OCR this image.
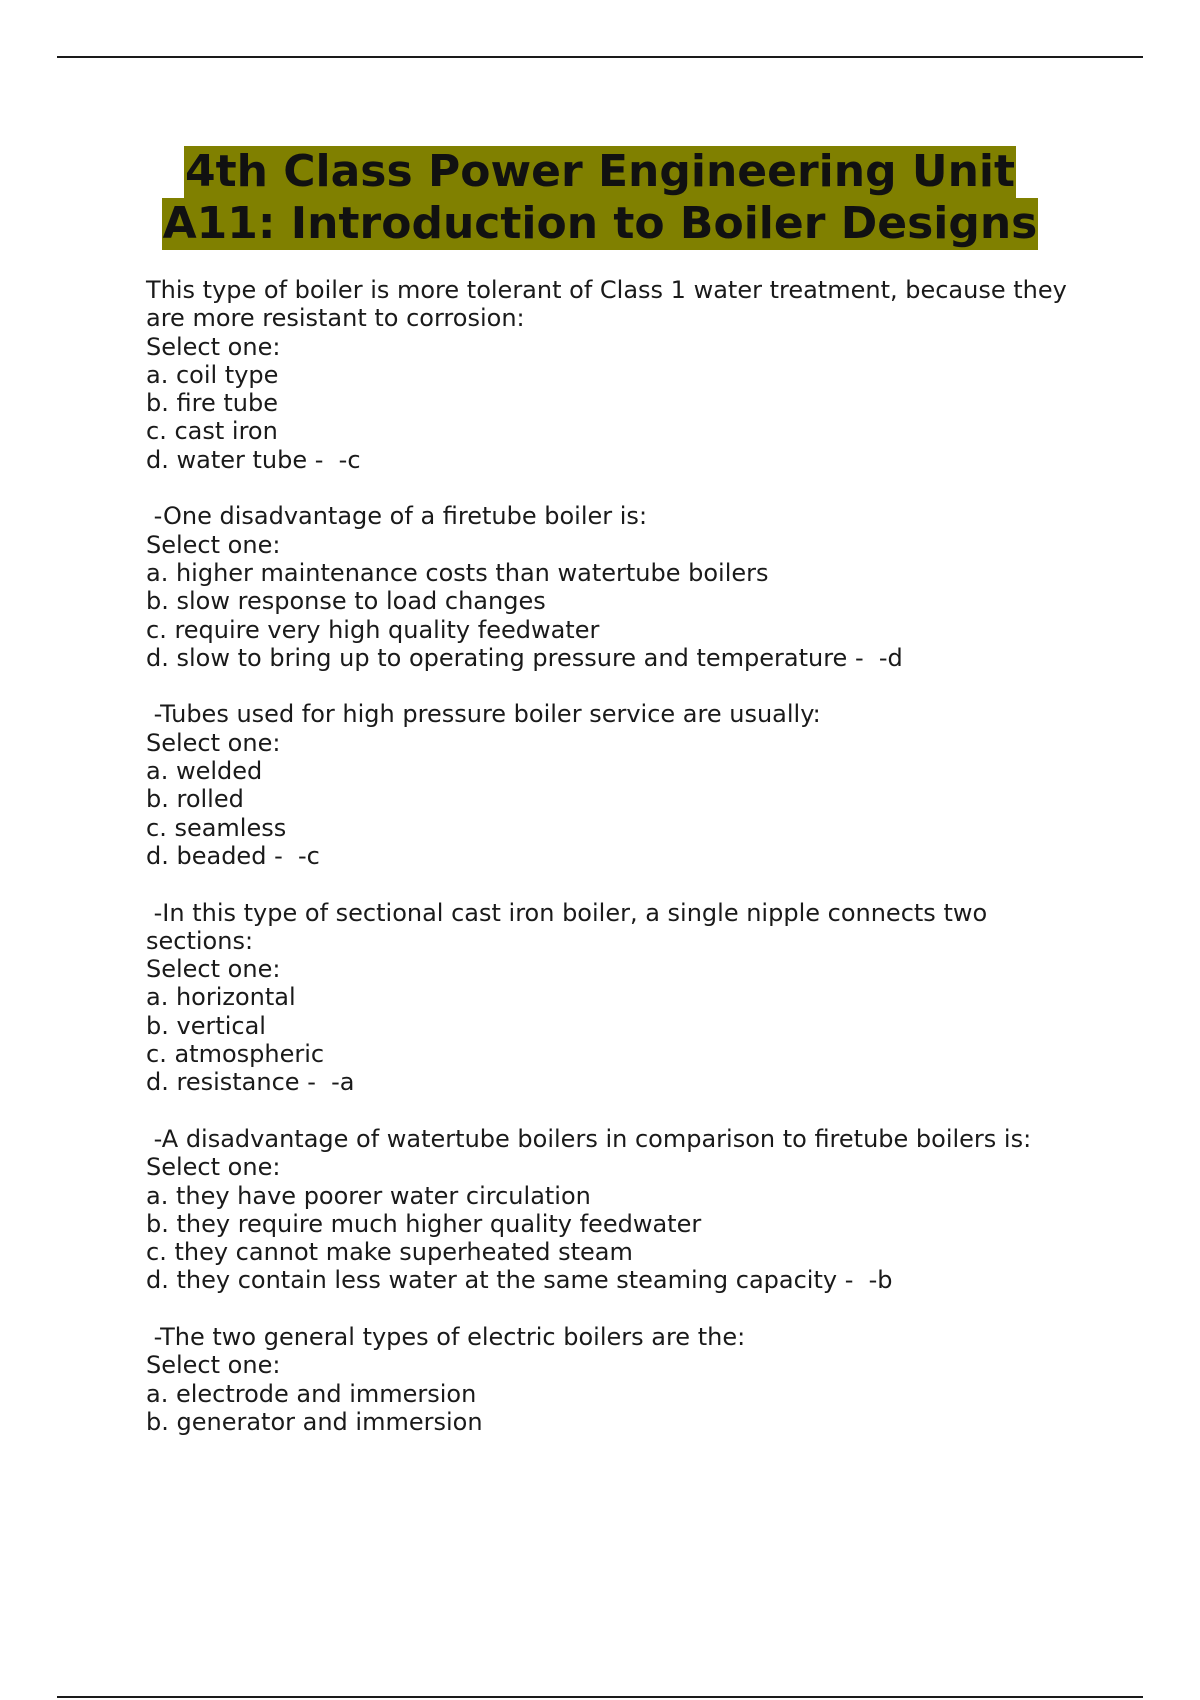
4th Class Power Engineering Unit
A11: Introduction to Boiler Designs
This type of boiler is more tolerant of Class 1 water treatment, because they
are more resistant to corrosion:
Select one:
a. coil type
b. fire tube
c. cast iron
d. water tube -  -c
-One disadvantage of a firetube boiler is:
Select one:
a. higher maintenance costs than watertube boilers
b. slow response to load changes
c. require very high quality feedwater
d. slow to bring up to operating pressure and temperature -  -d
-Tubes used for high pressure boiler service are usually:
Select one:
a. welded
b. rolled
c. seamless
d. beaded -  -c
-In this type of sectional cast iron boiler, a single nipple connects two
sections:
Select one:
a. horizontal
b. vertical
c. atmospheric
d. resistance -  -a
-A disadvantage of watertube boilers in comparison to firetube boilers is:
Select one:
a. they have poorer water circulation
b. they require much higher quality feedwater
c. they cannot make superheated steam
d. they contain less water at the same steaming capacity -  -b
-The two general types of electric boilers are the:
Select one:
a. electrode and immersion
b. generator and immersion
